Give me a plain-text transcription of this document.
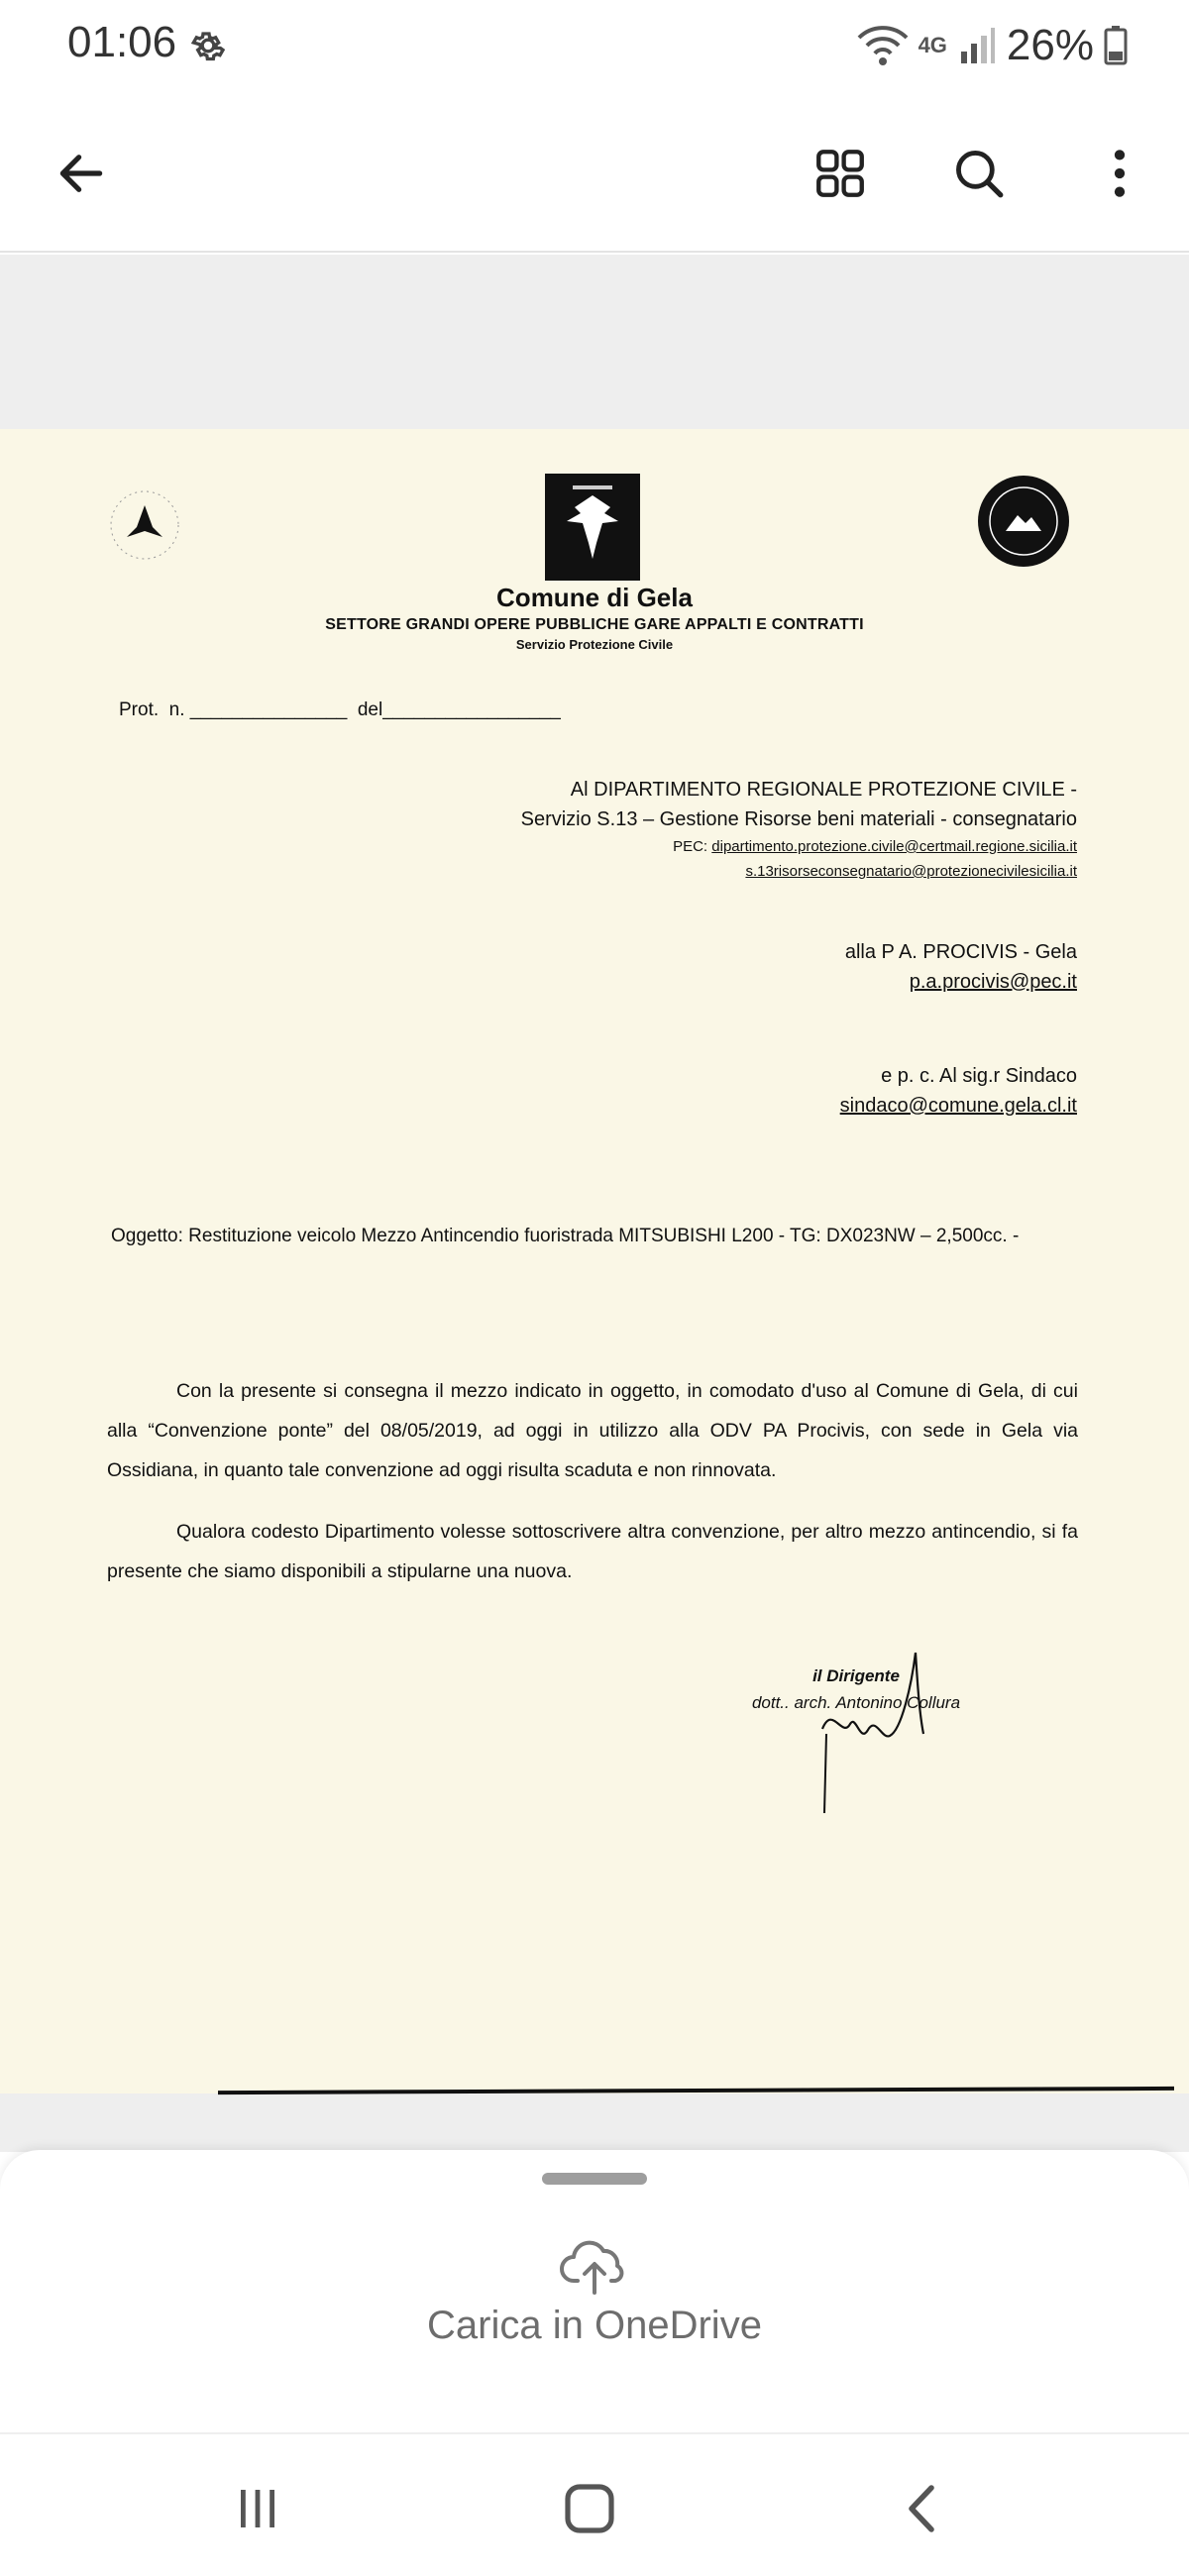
01:06	4G 26%
Comune di Gela
SETTORE GRANDI OPERE PUBBLICHE GARE APPALTI E CONTRATTI
Servizio Protezione Civile
Prot.  n. _______________  del_________________
Al DIPARTIMENTO REGIONALE PROTEZIONE CIVILE -
Servizio S.13 – Gestione Risorse beni materiali - consegnatario
PEC: dipartimento.protezione.civile@certmail.regione.sicilia.it
s.13risorseconsegnatario@protezionecivilesicilia.it
alla P A. PROCIVIS - Gela
p.a.procivis@pec.it
e p. c. Al sig.r Sindaco
sindaco@comune.gela.cl.it
Oggetto: Restituzione veicolo Mezzo Antincendio fuoristrada MITSUBISHI L200 - TG: DX023NW – 2,500cc. -
Con la presente si consegna il mezzo indicato in oggetto, in comodato d'uso al Comune di Gela, di cui alla “Convenzione ponte” del 08/05/2019, ad oggi in utilizzo alla ODV PA Procivis, con sede in Gela via Ossidiana, in quanto tale convenzione ad oggi risulta scaduta e non rinnovata.
Qualora codesto Dipartimento volesse sottoscrivere altra convenzione, per altro mezzo antincendio, si fa presente che siamo disponibili a stipularne una nuova.
il Dirigente
dott.. arch. Antonino Collura
Carica in OneDrive
